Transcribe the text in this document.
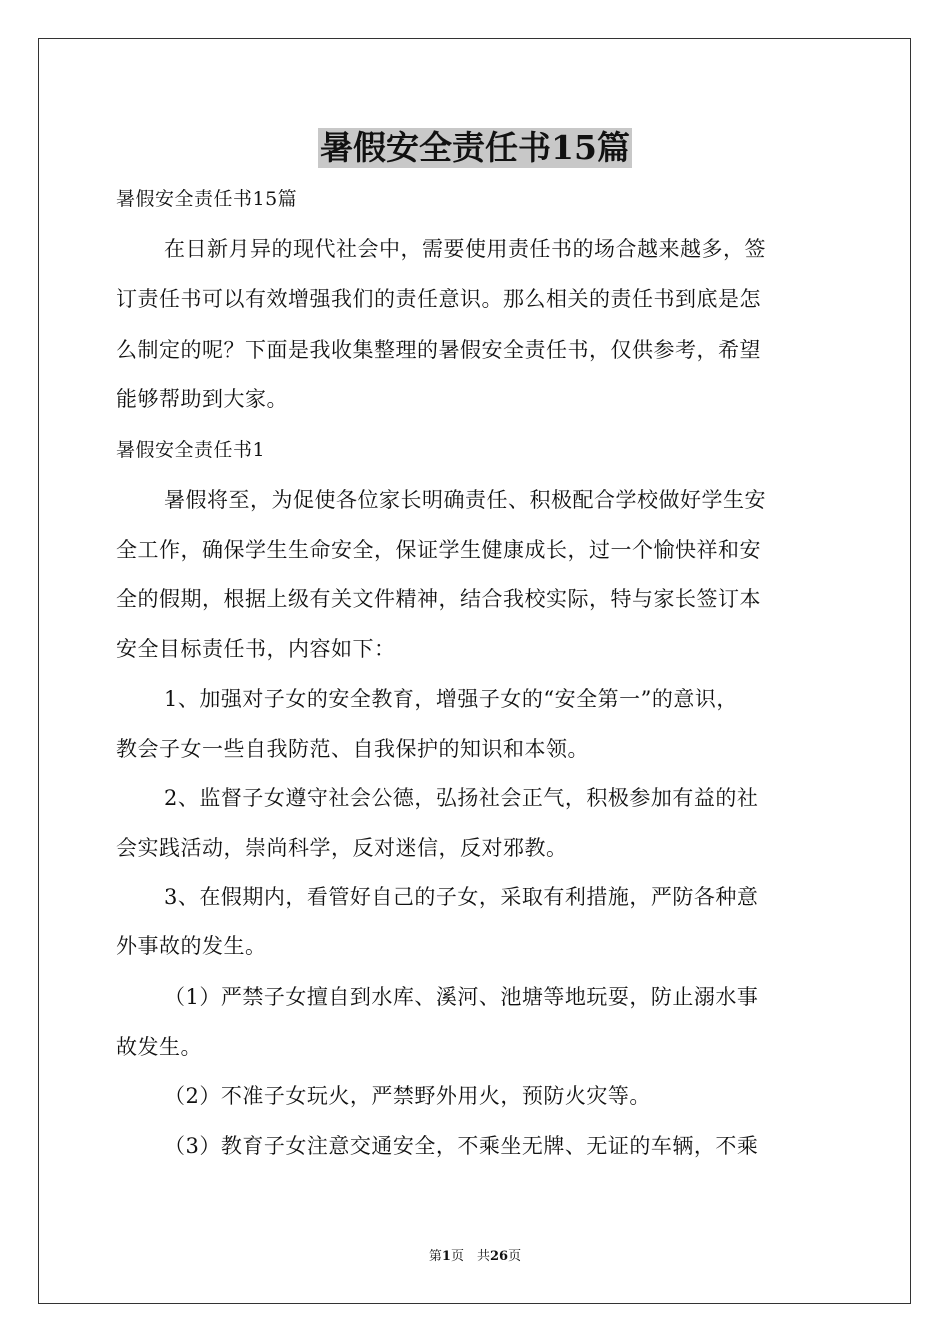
暑假安全责任书15篇
暑假安全责任书15篇
在日新月异的现代社会中，需要使用责任书的场合越来越多，签
订责任书可以有效增强我们的责任意识。那么相关的责任书到底是怎
么制定的呢？下面是我收集整理的暑假安全责任书，仅供参考，希望
能够帮助到大家。
暑假安全责任书1
暑假将至，为促使各位家长明确责任、积极配合学校做好学生安
全工作，确保学生生命安全，保证学生健康成长，过一个愉快祥和安
全的假期，根据上级有关文件精神，结合我校实际，特与家长签订本
安全目标责任书，内容如下：
1、加强对子女的安全教育，增强子女的“安全第一”的意识，
教会子女一些自我防范、自我保护的知识和本领。
2、监督子女遵守社会公德，弘扬社会正气，积极参加有益的社
会实践活动，崇尚科学，反对迷信，反对邪教。
3、在假期内，看管好自己的子女，采取有利措施，严防各种意
外事故的发生。
（1）严禁子女擅自到水库、溪河、池塘等地玩耍，防止溺水事
故发生。
（2）不准子女玩火，严禁野外用火，预防火灾等。
（3）教育子女注意交通安全，不乘坐无牌、无证的车辆，不乘
第1页　共26页
